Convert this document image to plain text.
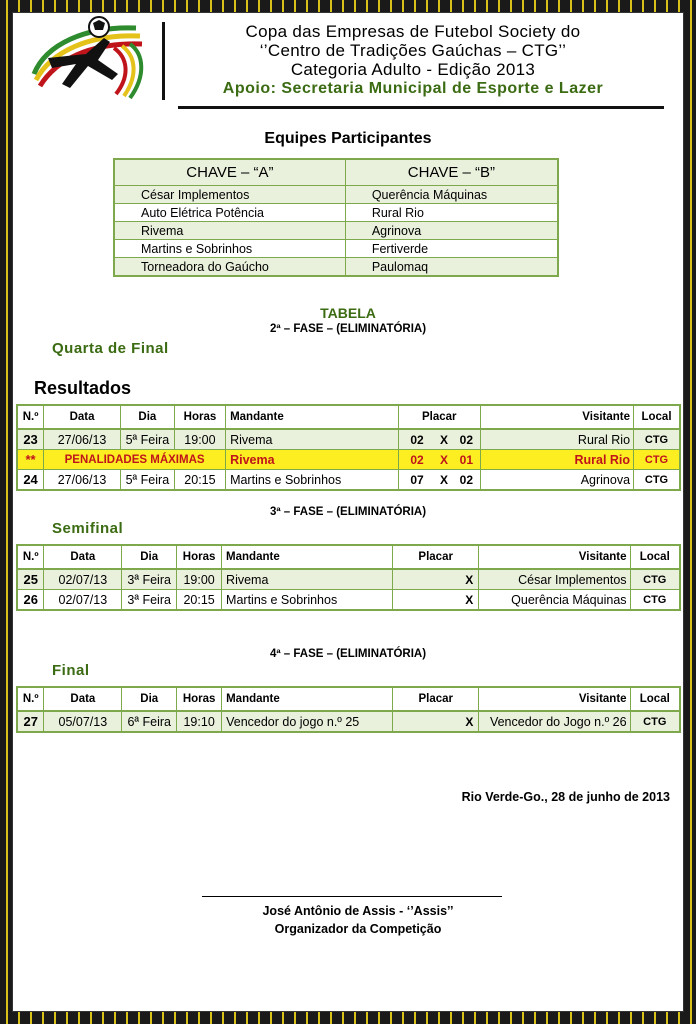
Copa das Empresas de Futebol Society do
‘’Centro de Tradições Gaúchas – CTG’’
Categoria Adulto - Edição 2013
Apoio: Secretaria Municipal de Esporte e Lazer
Equipes Participantes
CHAVE – “A”	CHAVE – “B”
César Implementos	Querência Máquinas
Auto Elétrica Potência	Rural Rio
Rivema	Agrinova
Martins e Sobrinhos	Fertiverde
Torneadora do Gaúcho	Paulomaq
TABELA
2ª – FASE – (ELIMINATÓRIA)
Quarta de Final
Resultados
N.º	Data	Dia	Horas	Mandante	Placar			Visitante	Local
23	27/06/13	5ª Feira	19:00	Rivema	02	X	02	Rural Rio	CTG
**	PENALIDADES MÁXIMAS			Rivema	02	X	01	Rural Rio	CTG
24	27/06/13	5ª Feira	20:15	Martins e Sobrinhos	07	X	02	Agrinova	CTG
3ª – FASE – (ELIMINATÓRIA)
Semifinal
N.º	Data	Dia	Horas	Mandante	Placar		Visitante	Local
25	02/07/13	3ª Feira	19:00	Rivema		X	César Implementos	CTG
26	02/07/13	3ª Feira	20:15	Martins e Sobrinhos		X	Querência Máquinas	CTG
4ª – FASE – (ELIMINATÓRIA)
Final
N.º	Data	Dia	Horas	Mandante	Placar		Visitante	Local
27	05/07/13	6ª Feira	19:10	Vencedor do jogo n.º 25		X	Vencedor do Jogo n.º 26	CTG
Rio Verde-Go., 28 de junho de 2013
José Antônio de Assis - ‘’Assis’’
Organizador da Competição
